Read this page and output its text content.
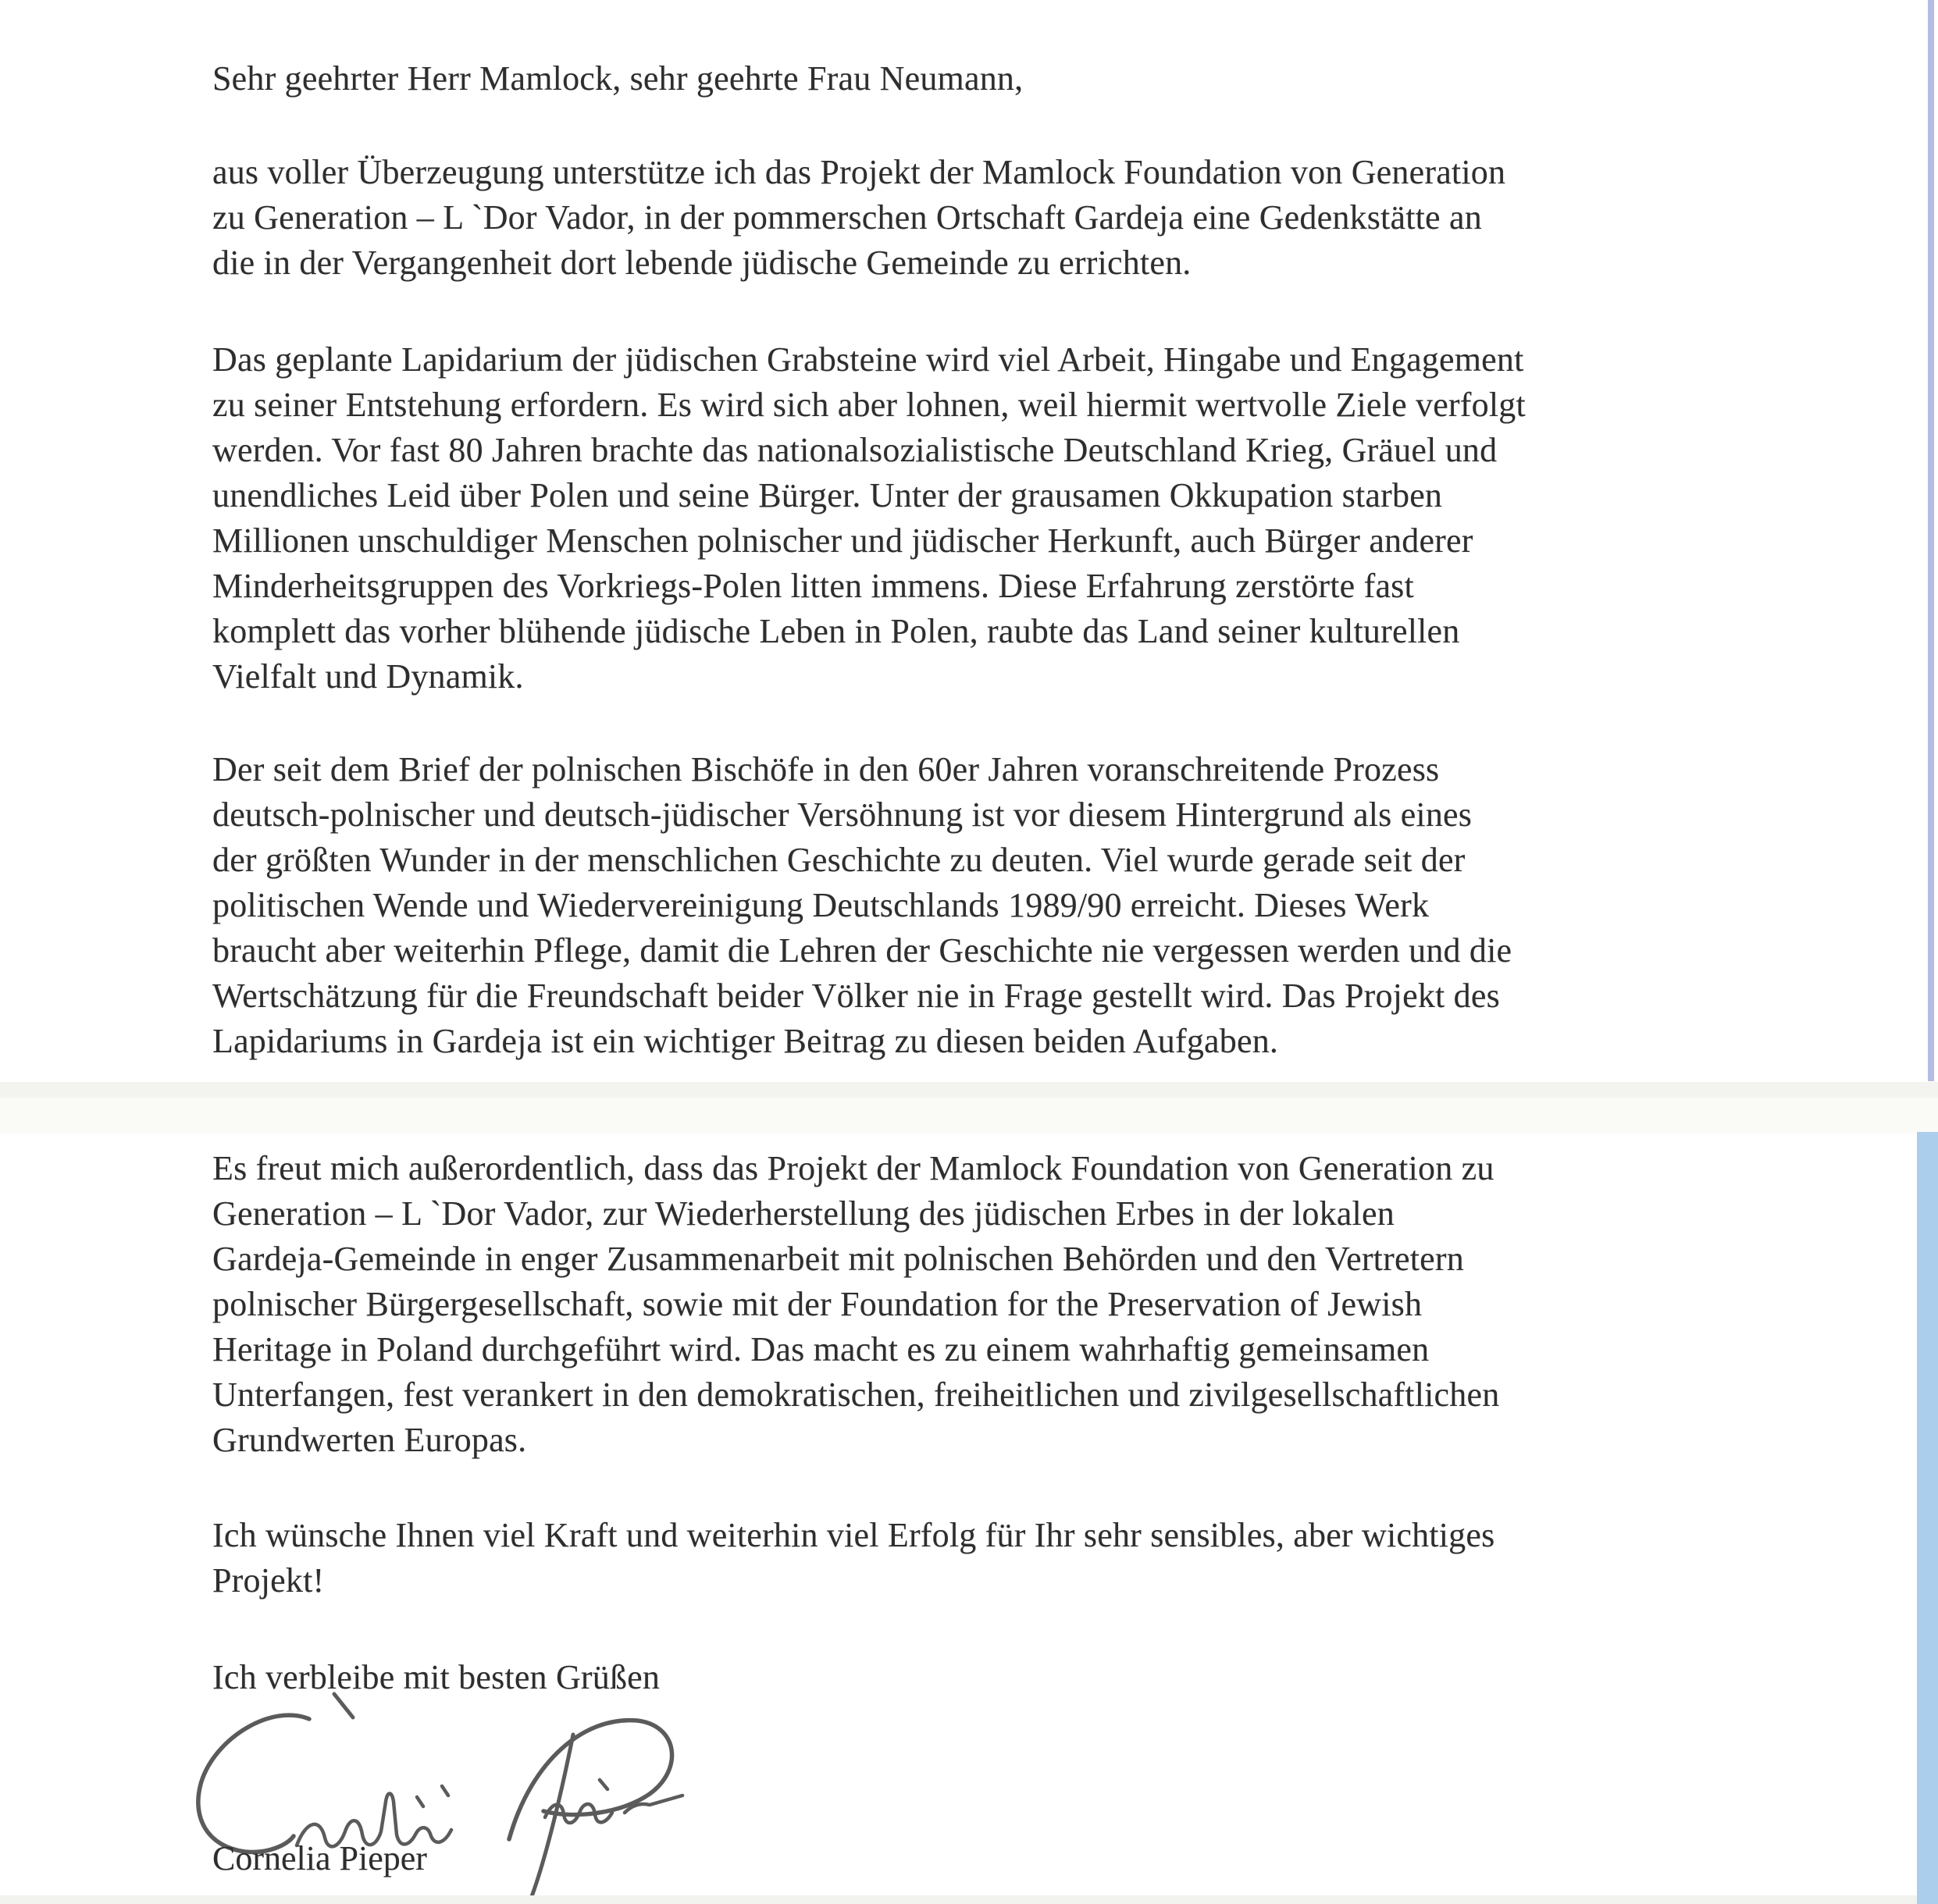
Sehr geehrter Herr Mamlock, sehr geehrte Frau Neumann,
aus voller Überzeugung unterstütze ich das Projekt der Mamlock Foundation von Generation
zu Generation – L `Dor Vador, in der pommerschen Ortschaft Gardeja eine Gedenkstätte an
die in der Vergangenheit dort lebende jüdische Gemeinde zu errichten.
Das geplante Lapidarium der jüdischen Grabsteine wird viel Arbeit, Hingabe und Engagement
zu seiner Entstehung erfordern. Es wird sich aber lohnen, weil hiermit wertvolle Ziele verfolgt
werden. Vor fast 80 Jahren brachte das nationalsozialistische Deutschland Krieg, Gräuel und
unendliches Leid über Polen und seine Bürger. Unter der grausamen Okkupation starben
Millionen unschuldiger Menschen polnischer und jüdischer Herkunft, auch Bürger anderer
Minderheitsgruppen des Vorkriegs-Polen litten immens. Diese Erfahrung zerstörte fast
komplett das vorher blühende jüdische Leben in Polen, raubte das Land seiner kulturellen
Vielfalt und Dynamik.
Der seit dem Brief der polnischen Bischöfe in den 60er Jahren voranschreitende Prozess
deutsch-polnischer und deutsch-jüdischer Versöhnung ist vor diesem Hintergrund als eines
der größten Wunder in der menschlichen Geschichte zu deuten. Viel wurde gerade seit der
politischen Wende und Wiedervereinigung Deutschlands 1989/90 erreicht. Dieses Werk
braucht aber weiterhin Pflege, damit die Lehren der Geschichte nie vergessen werden und die
Wertschätzung für die Freundschaft beider Völker nie in Frage gestellt wird. Das Projekt des
Lapidariums in Gardeja ist ein wichtiger Beitrag zu diesen beiden Aufgaben.
Es freut mich außerordentlich, dass das Projekt der Mamlock Foundation von Generation zu
Generation – L `Dor Vador, zur Wiederherstellung des jüdischen Erbes in der lokalen
Gardeja-Gemeinde in enger Zusammenarbeit mit polnischen Behörden und den Vertretern
polnischer Bürgergesellschaft, sowie mit der Foundation for the Preservation of Jewish
Heritage in Poland durchgeführt wird. Das macht es zu einem wahrhaftig gemeinsamen
Unterfangen, fest verankert in den demokratischen, freiheitlichen und zivilgesellschaftlichen
Grundwerten Europas.
Ich wünsche Ihnen viel Kraft und weiterhin viel Erfolg für Ihr sehr sensibles, aber wichtiges
Projekt!
Ich verbleibe mit besten Grüßen
Cornelia Pieper
